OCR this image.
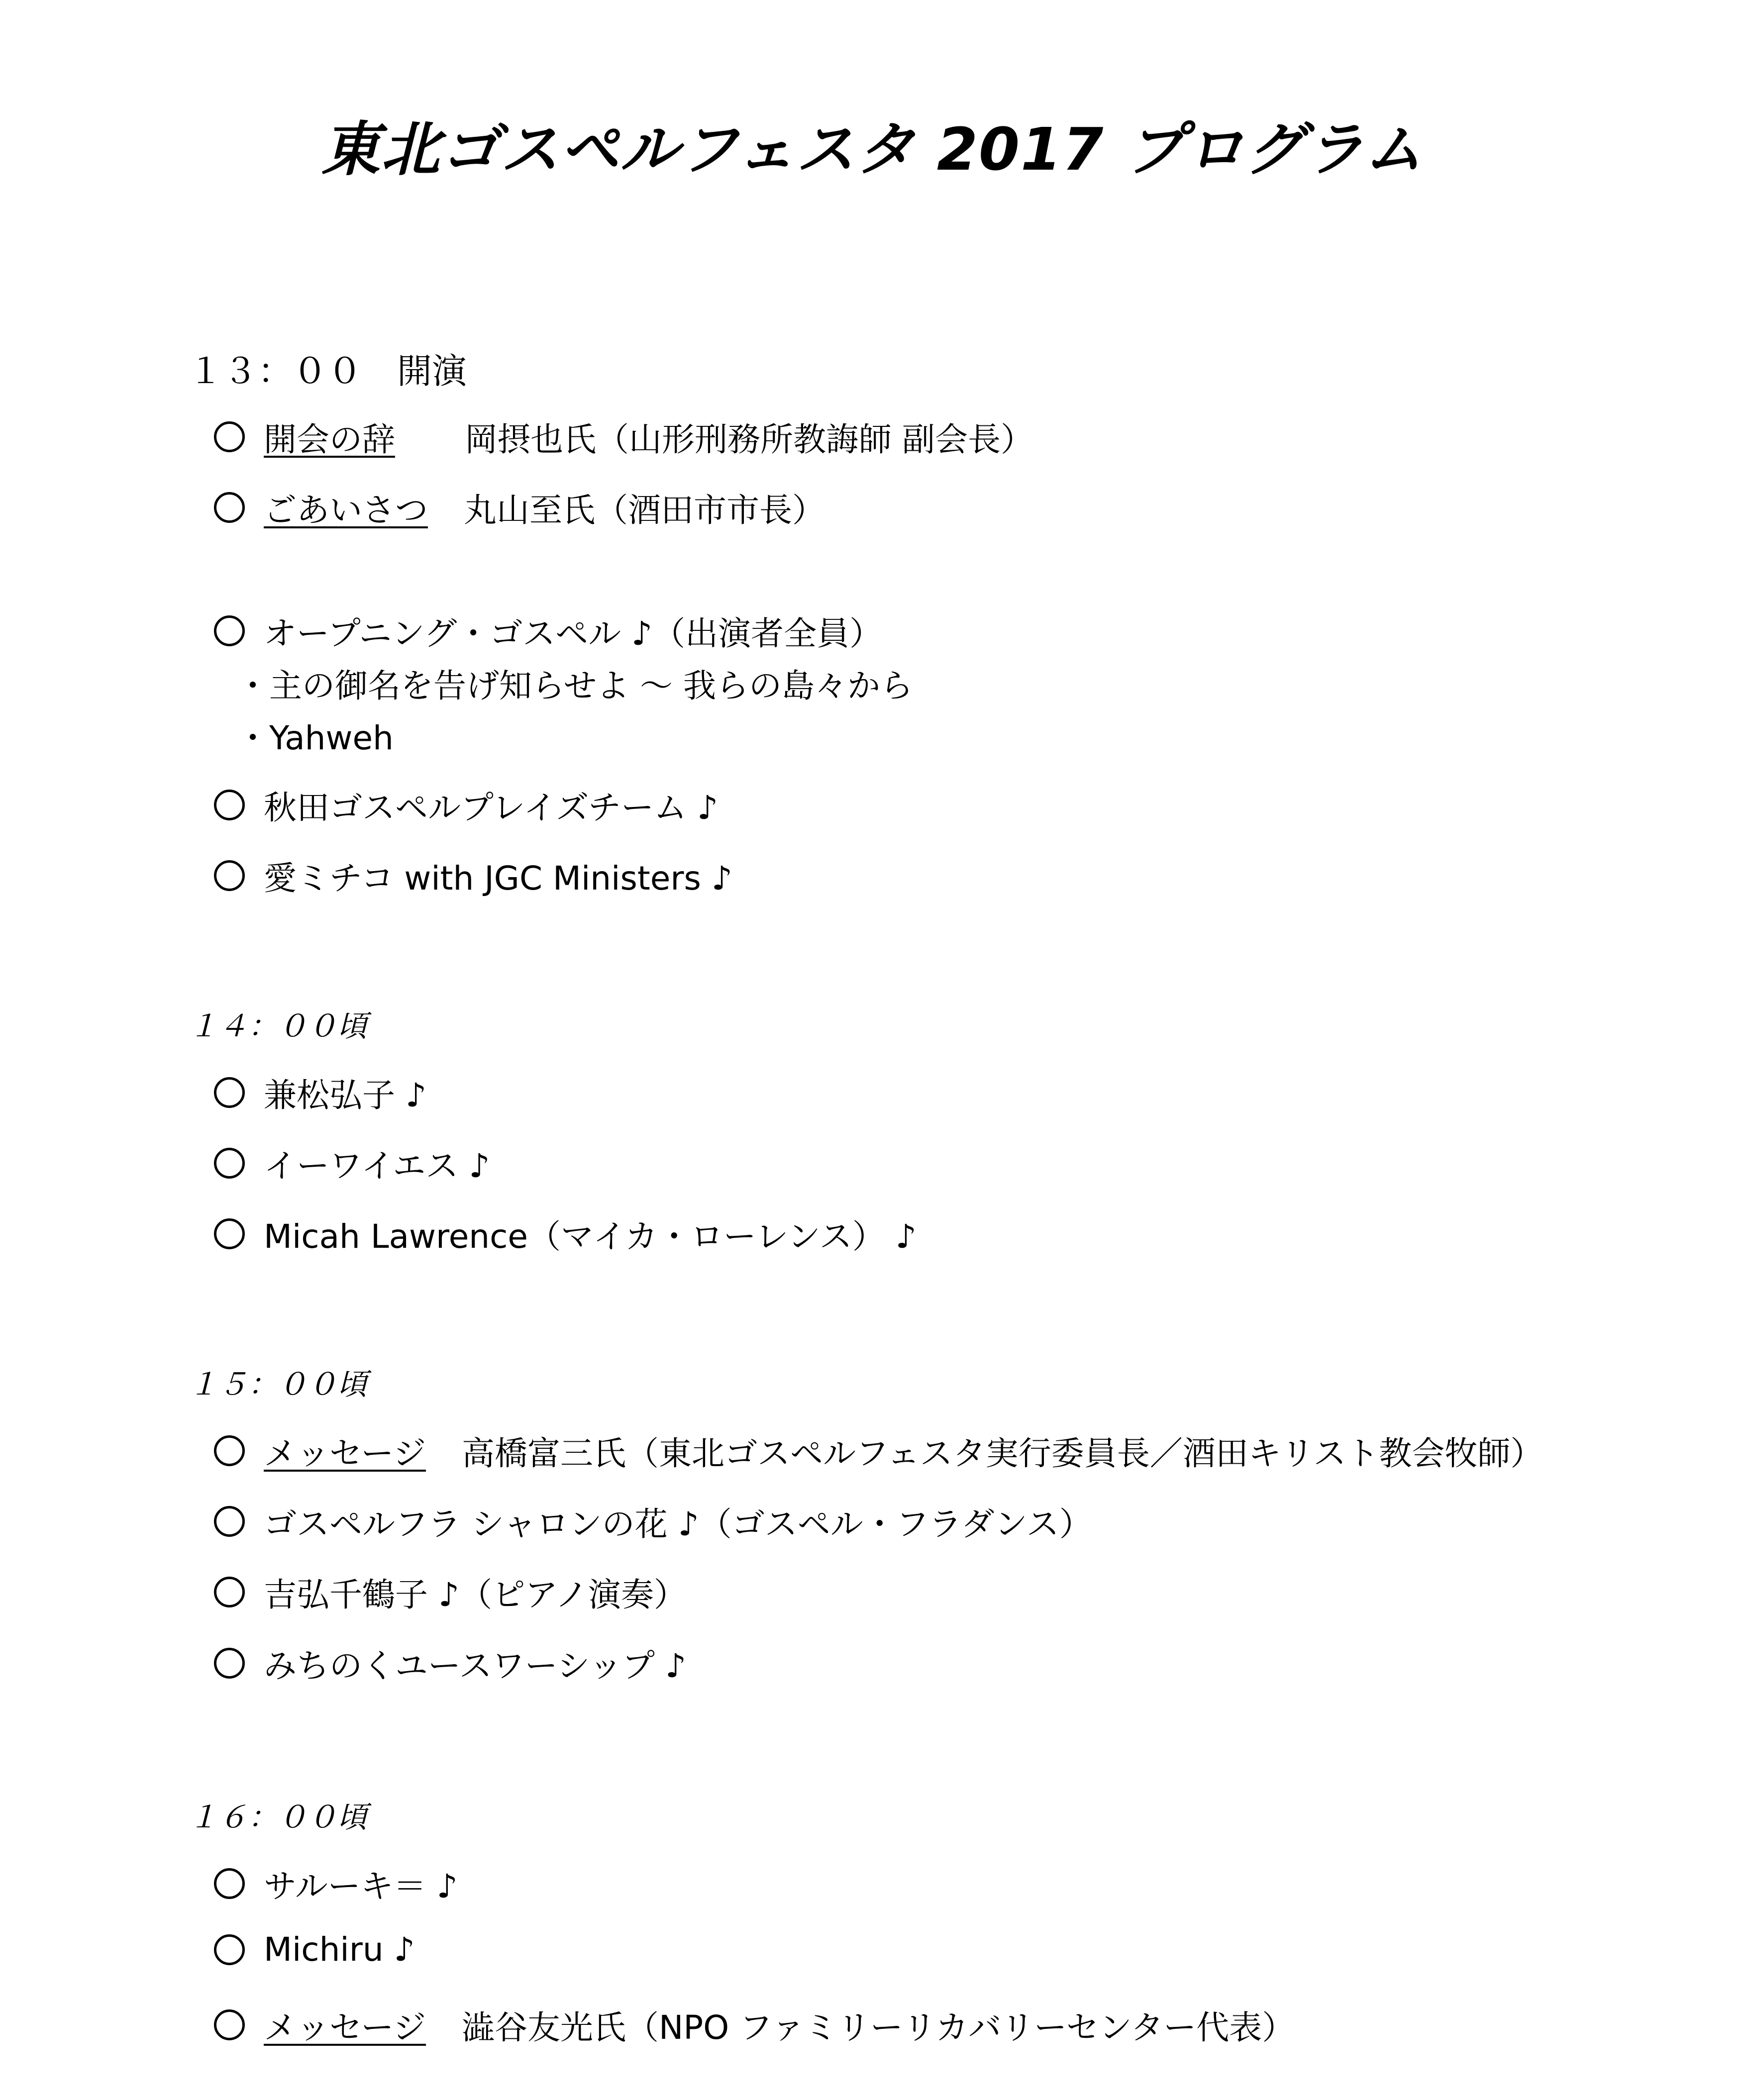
東北ゴスペルフェスタ 2017 プログラム
１３：００　開演
開会の辞 岡摂也氏（山形刑務所教誨師 副会長）
ごあいさつ 丸山至氏（酒田市市長）
オープニング・ゴスペル ♪（出演者全員）
・主の御名を告げ知らせよ 〜 我らの島々から
・Yahweh
秋田ゴスペルプレイズチーム ♪
愛ミチコ with JGC Ministers ♪
１４：００頃
兼松弘子 ♪
イーワイエス ♪
Micah Lawrence（マイカ・ローレンス） ♪
１５：００頃
メッセージ 高橋富三氏（東北ゴスペルフェスタ実行委員長／酒田キリスト教会牧師）
ゴスペルフラ シャロンの花 ♪（ゴスペル・フラダンス）
吉弘千鶴子 ♪（ピアノ演奏）
みちのくユースワーシップ ♪
１６：００頃
サルーキ＝ ♪
Michiru ♪
メッセージ 澁谷友光氏（NPO ファミリーリカバリーセンター代表）
